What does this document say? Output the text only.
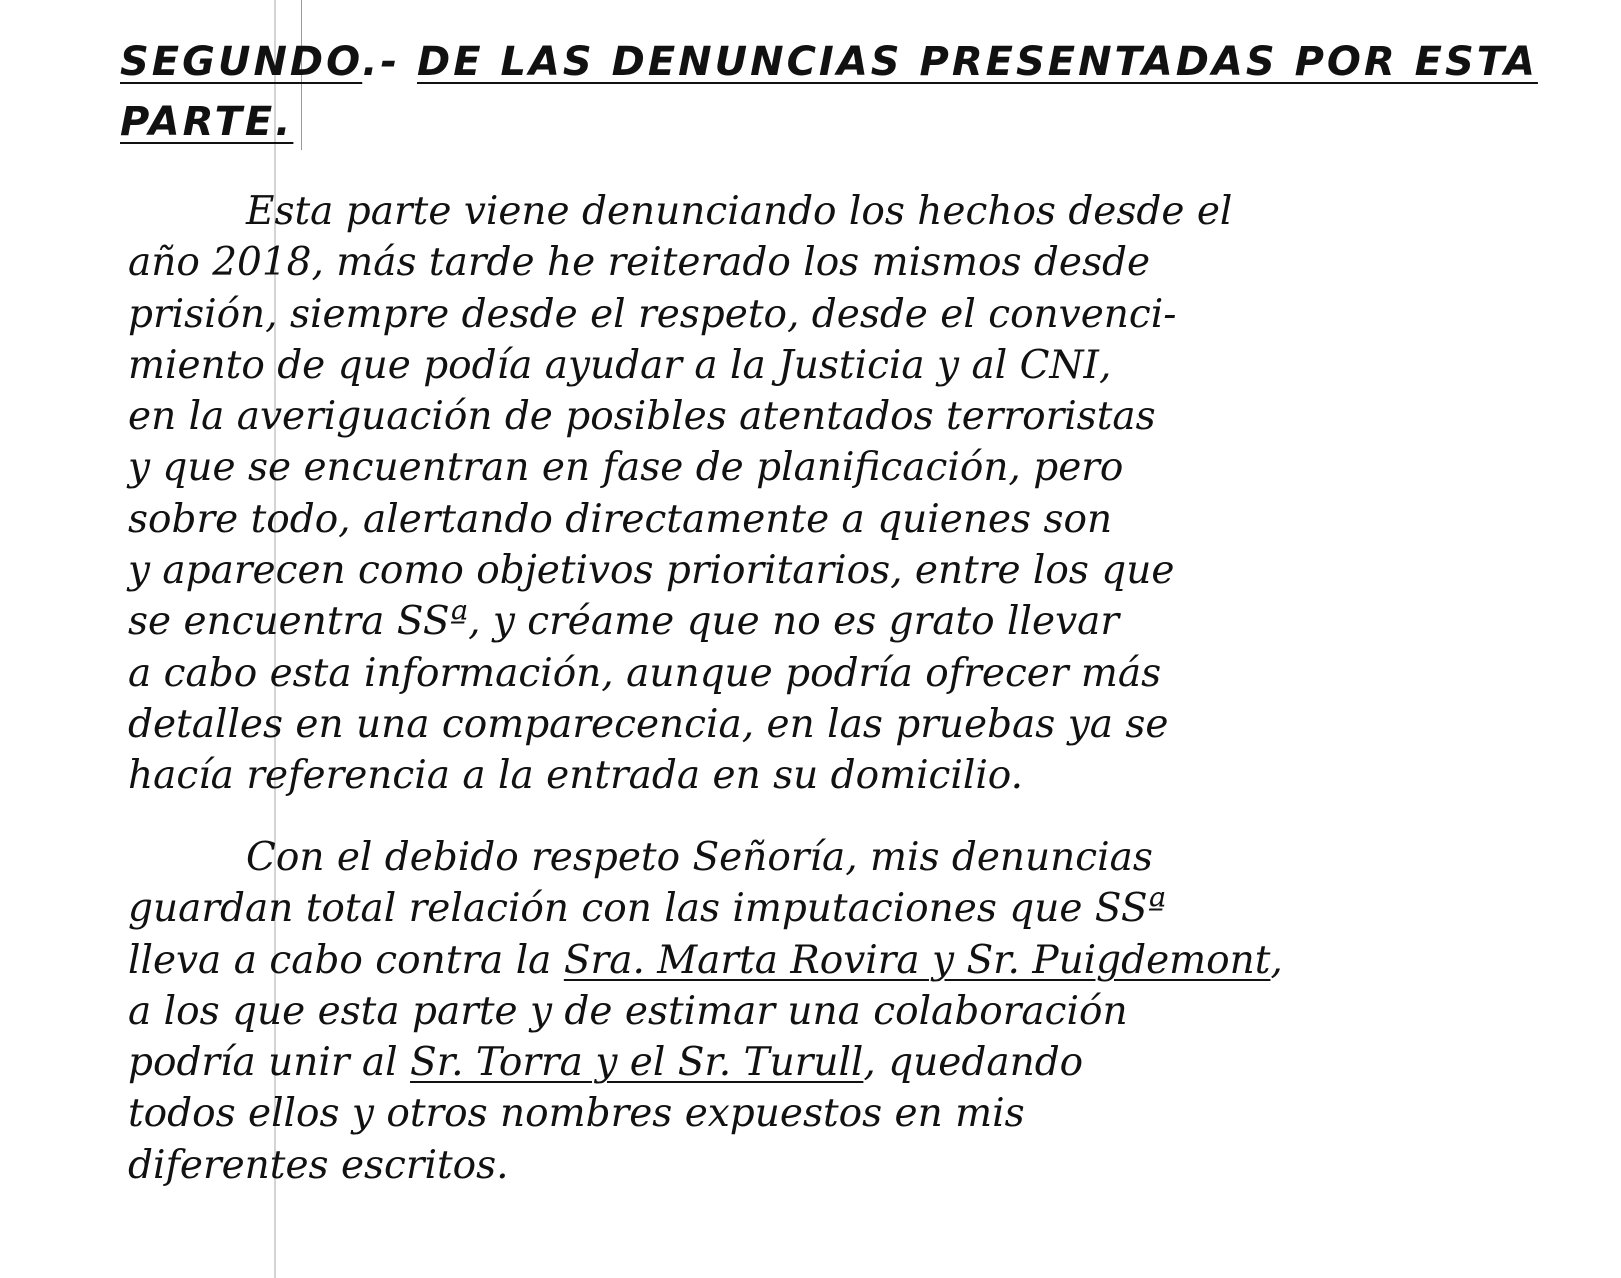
SEGUNDO.- DE LAS DENUNCIAS PRESENTADAS POR ESTA
PARTE.
Esta parte viene denunciando los hechos desde el
año 2018, más tarde he reiterado los mismos desde
prisión, siempre desde el respeto, desde el convenci-
miento de que podía ayudar a la Justicia y al CNI,
en la averiguación de posibles atentados terroristas
y que se encuentran en fase de planificación, pero
sobre todo, alertando directamente a quienes son
y aparecen como objetivos prioritarios, entre los que
se encuentra SSª, y créame que no es grato llevar
a cabo esta información, aunque podría ofrecer más
detalles en una comparecencia, en las pruebas ya se
hacía referencia a la entrada en su domicilio.
Con el debido respeto Señoría, mis denuncias
guardan total relación con las imputaciones que SSª
lleva a cabo contra la Sra. Marta Rovira y Sr. Puigdemont,
a los que esta parte y de estimar una colaboración
podría unir al Sr. Torra y el Sr. Turull, quedando
todos ellos y otros nombres expuestos en mis
diferentes escritos.
